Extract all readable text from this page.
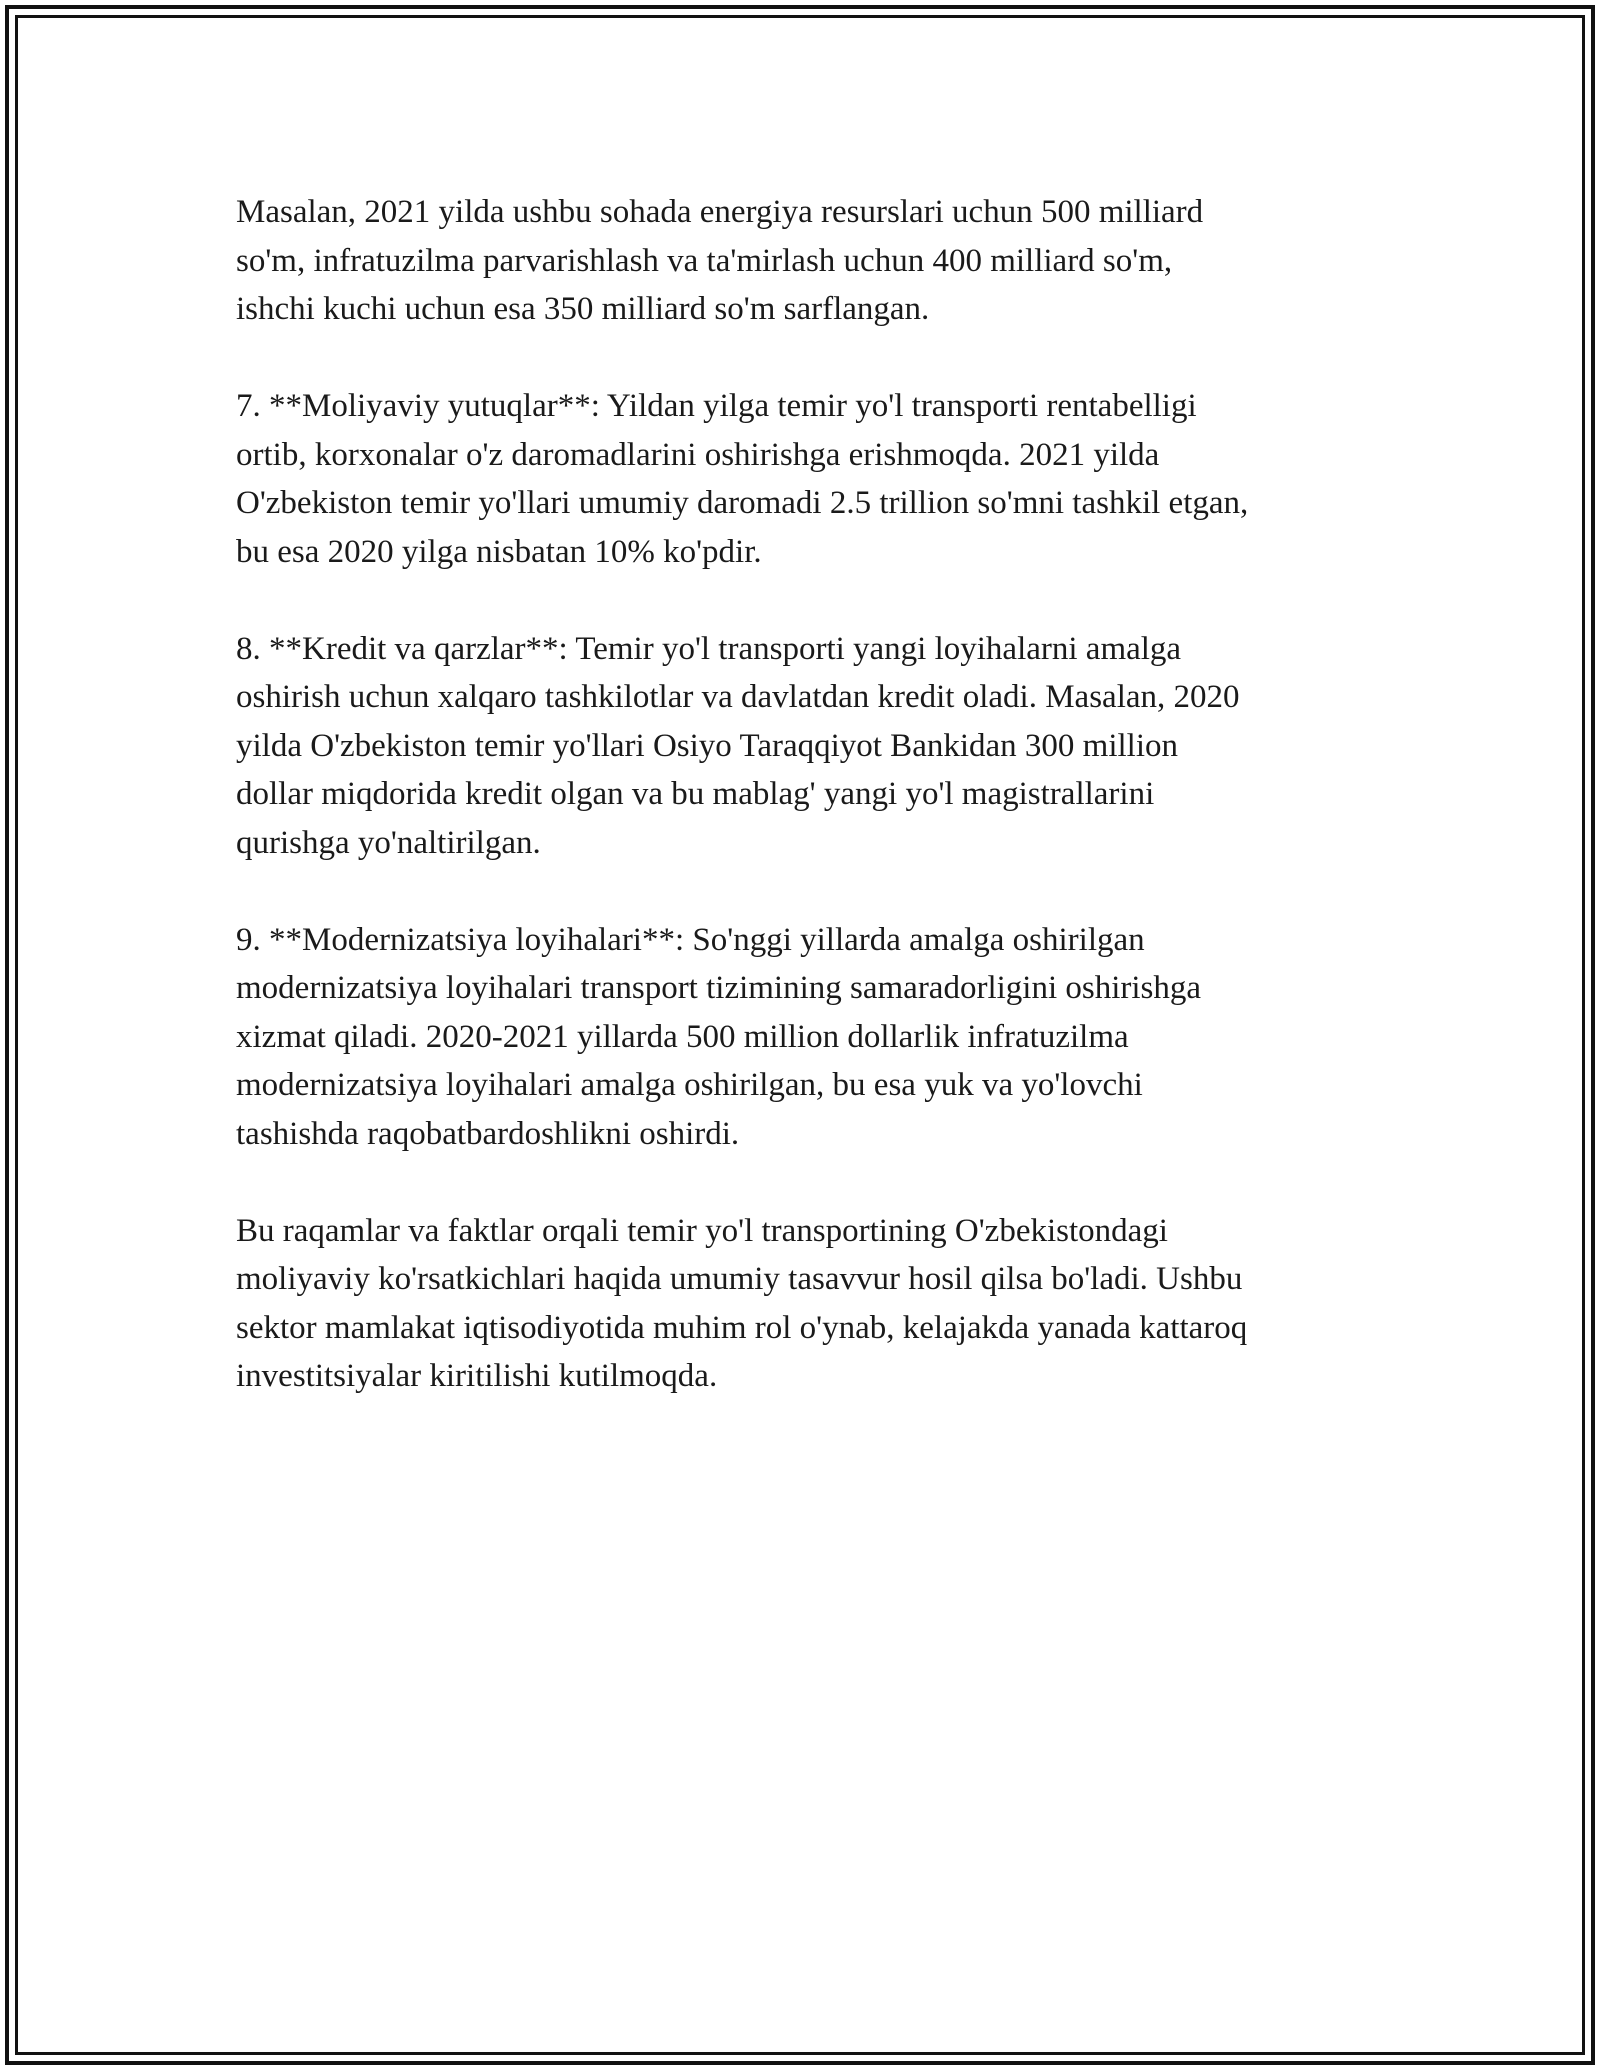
Masalan, 2021 yilda ushbu sohada energiya resurslari uchun 500 milliard
so'm, infratuzilma parvarishlash va ta'mirlash uchun 400 milliard so'm,
ishchi kuchi uchun esa 350 milliard so'm sarflangan.

7. **Moliyaviy yutuqlar**: Yildan yilga temir yo'l transporti rentabelligi
ortib, korxonalar o'z daromadlarini oshirishga erishmoqda. 2021 yilda
O'zbekiston temir yo'llari umumiy daromadi 2.5 trillion so'mni tashkil etgan,
bu esa 2020 yilga nisbatan 10% ko'pdir.

8. **Kredit va qarzlar**: Temir yo'l transporti yangi loyihalarni amalga
oshirish uchun xalqaro tashkilotlar va davlatdan kredit oladi. Masalan, 2020
yilda O'zbekiston temir yo'llari Osiyo Taraqqiyot Bankidan 300 million
dollar miqdorida kredit olgan va bu mablag' yangi yo'l magistrallarini
qurishga yo'naltirilgan.

9. **Modernizatsiya loyihalari**: So'nggi yillarda amalga oshirilgan
modernizatsiya loyihalari transport tizimining samaradorligini oshirishga
xizmat qiladi. 2020-2021 yillarda 500 million dollarlik infratuzilma
modernizatsiya loyihalari amalga oshirilgan, bu esa yuk va yo'lovchi
tashishda raqobatbardoshlikni oshirdi.

Bu raqamlar va faktlar orqali temir yo'l transportining O'zbekistondagi
moliyaviy ko'rsatkichlari haqida umumiy tasavvur hosil qilsa bo'ladi. Ushbu
sektor mamlakat iqtisodiyotida muhim rol o'ynab, kelajakda yanada kattaroq
investitsiyalar kiritilishi kutilmoqda.
